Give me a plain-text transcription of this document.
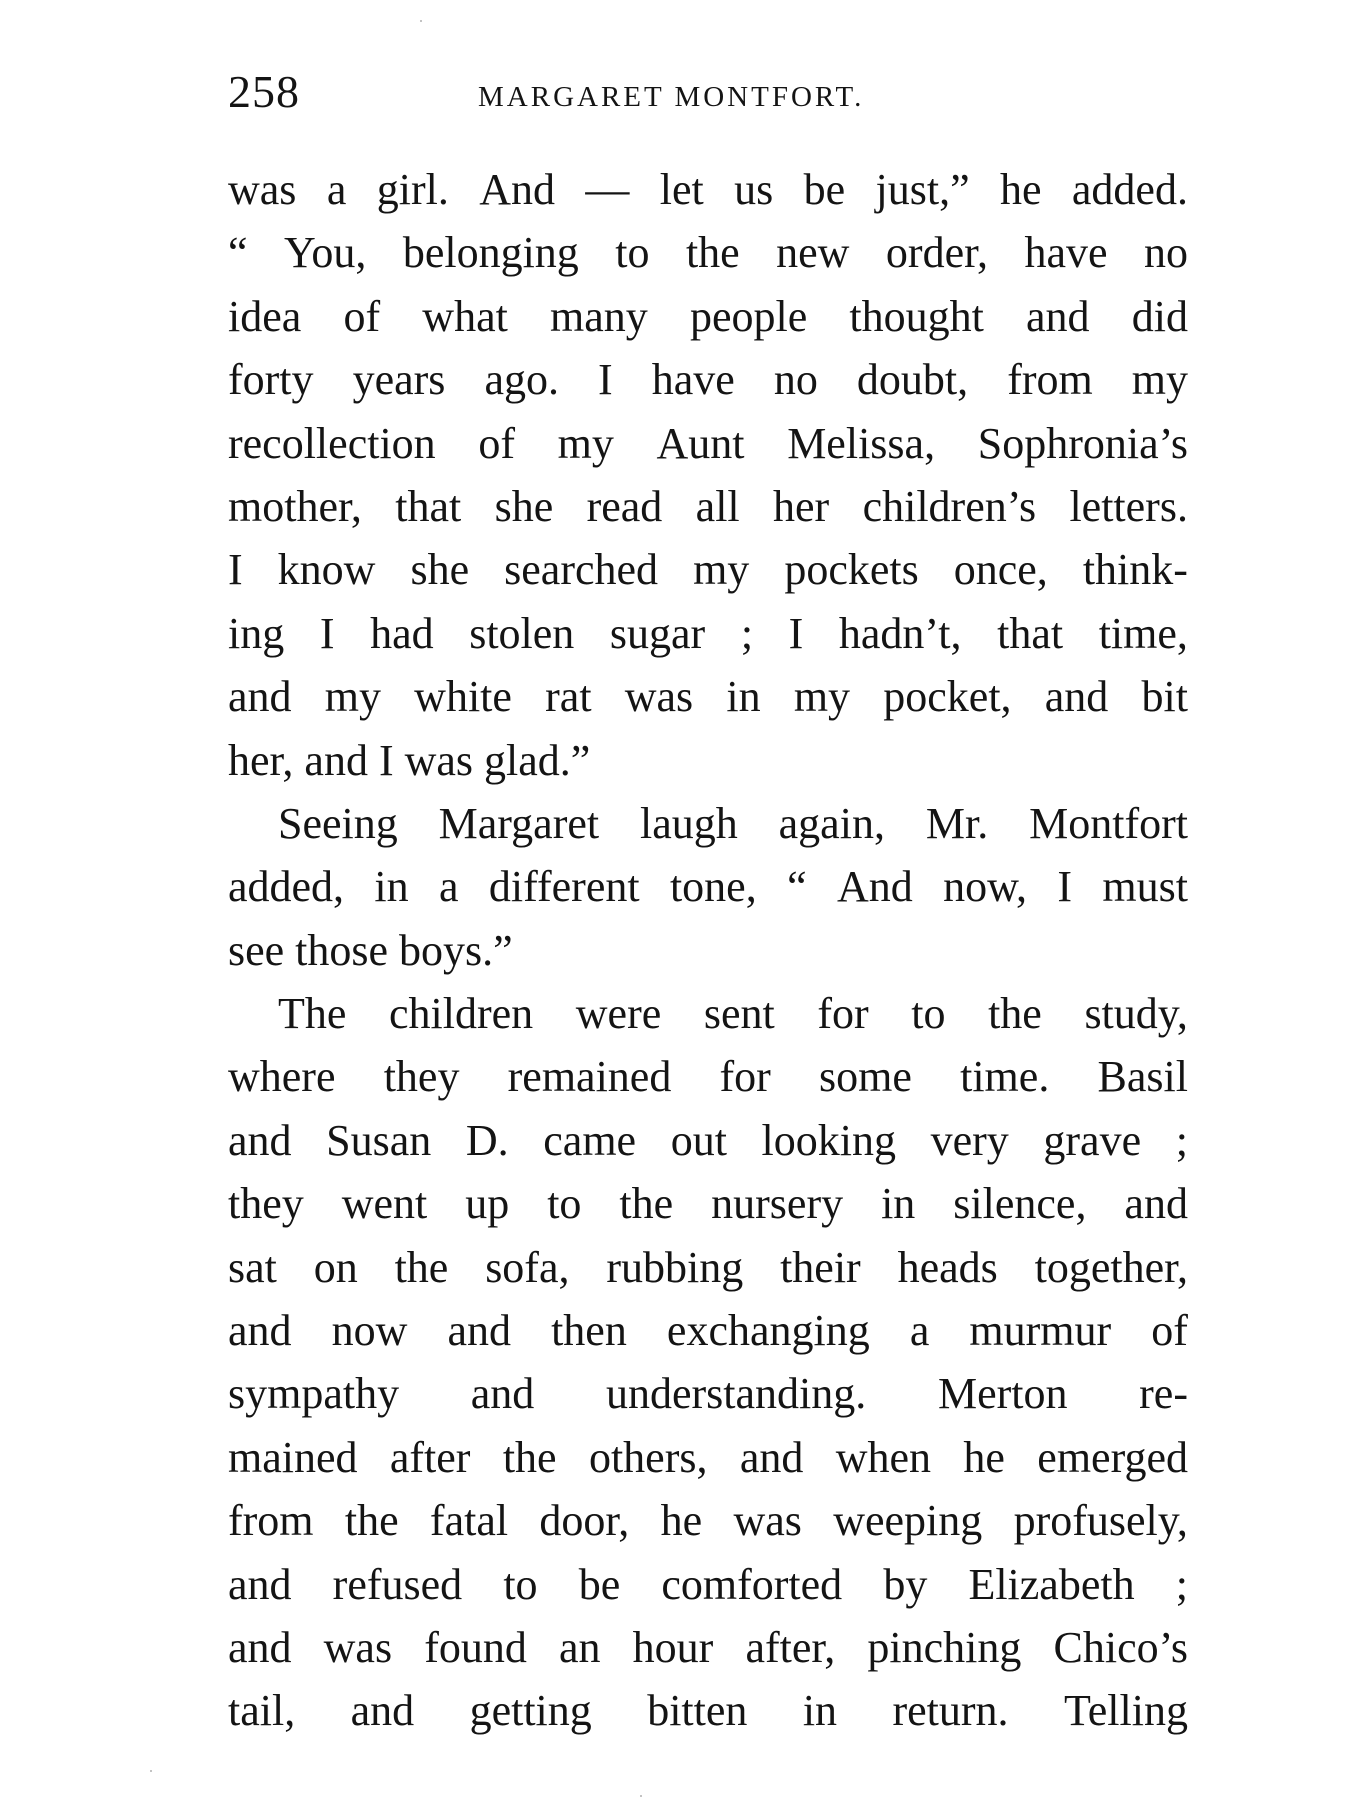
258	MARGARET MONTFORT.
was a girl. And — let us be just,” he added.
“ You, belonging to the new order, have no
idea of what many people thought and did
forty years ago. I have no doubt, from my
recollection of my Aunt Melissa, Sophronia’s
mother, that she read all her children’s letters.
I know she searched my pockets once, think-
ing I had stolen sugar ; I hadn’t, that time,
and my white rat was in my pocket, and bit
her, and I was glad.”
Seeing Margaret laugh again, Mr. Montfort
added, in a different tone, “ And now, I must
see those boys.”
The children were sent for to the study,
where they remained for some time. Basil
and Susan D. came out looking very grave ;
they went up to the nursery in silence, and
sat on the sofa, rubbing their heads together,
and now and then exchanging a murmur of
sympathy and understanding. Merton re-
mained after the others, and when he emerged
from the fatal door, he was weeping profusely,
and refused to be comforted by Elizabeth ;
and was found an hour after, pinching Chico’s
tail, and getting bitten in return. Telling
